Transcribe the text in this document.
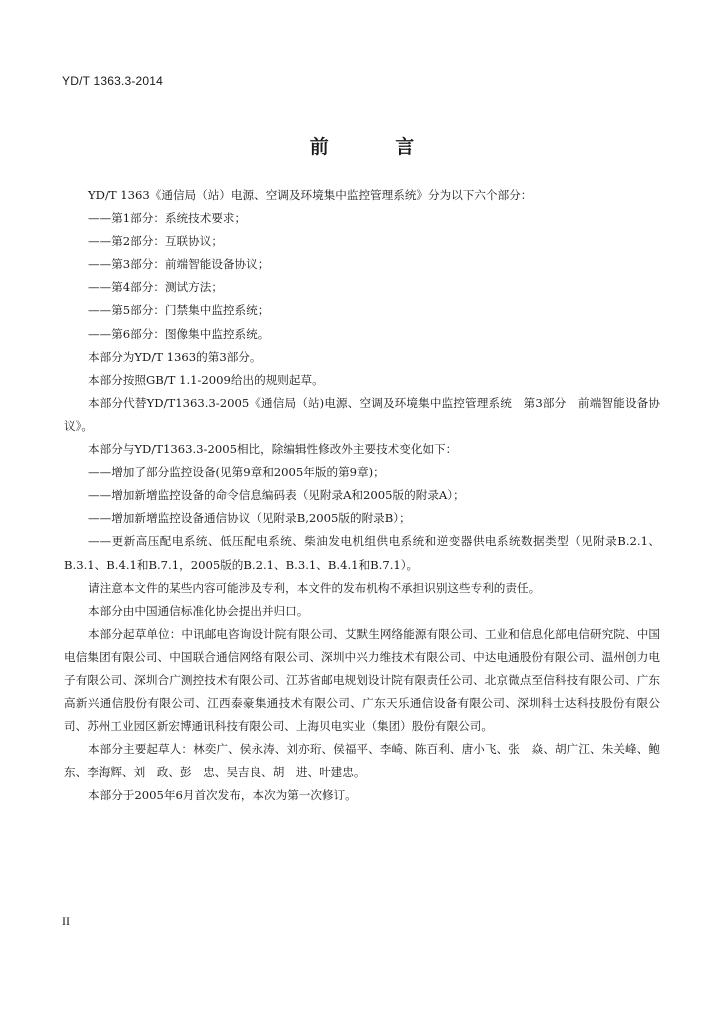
YD/T 1363.3-2014
前 言

YD/T 1363《通信局（站）电源、空调及环境集中监控管理系统》分为以下六个部分：

——第1部分：系统技术要求；

——第2部分：互联协议；

——第3部分：前端智能设备协议；

——第4部分：测试方法；

——第5部分：门禁集中监控系统；

——第6部分：图像集中监控系统。

本部分为YD/T 1363的第3部分。

本部分按照GB/T 1.1-2009给出的规则起草。

本部分代替YD/T1363.3-2005《通信局（站)电源、空调及环境集中监控管理系统　第3部分　前端智能设备协议》。

本部分与YD/T1363.3-2005相比，除编辑性修改外主要技术变化如下：

——增加了部分监控设备(见第9章和2005年版的第9章)；

——增加新增监控设备的命令信息编码表（见附录A和2005版的附录A）；

——增加新增监控设备通信协议（见附录B,2005版的附录B）；

——更新高压配电系统、低压配电系统、柴油发电机组供电系统和逆变器供电系统数据类型（见附录B.2.1、B.3.1、B.4.1和B.7.1，2005版的B.2.1、B.3.1、B.4.1和B.7.1）。

请注意本文件的某些内容可能涉及专利，本文件的发布机构不承担识别这些专利的责任。

本部分由中国通信标准化协会提出并归口。

本部分起草单位：中讯邮电咨询设计院有限公司、艾默生网络能源有限公司、工业和信息化部电信研究院、中国电信集团有限公司、中国联合通信网络有限公司、深圳中兴力维技术有限公司、中达电通股份有限公司、温州创力电子有限公司、深圳合广测控技术有限公司、江苏省邮电规划设计院有限责任公司、北京微点至信科技有限公司、广东高新兴通信股份有限公司、江西泰豪集通技术有限公司、广东天乐通信设备有限公司、深圳科士达科技股份有限公司、苏州工业园区新宏博通讯科技有限公司、上海贝电实业（集团）股份有限公司。

本部分主要起草人：林奕广、侯永涛、刘亦珩、侯福平、李崎、陈百利、唐小飞、张　焱、胡广江、朱关峰、鲍　东、李海辉、刘　政、彭　忠、吴吉良、胡　进、叶建忠。

本部分于2005年6月首次发布，本次为第一次修订。

II
